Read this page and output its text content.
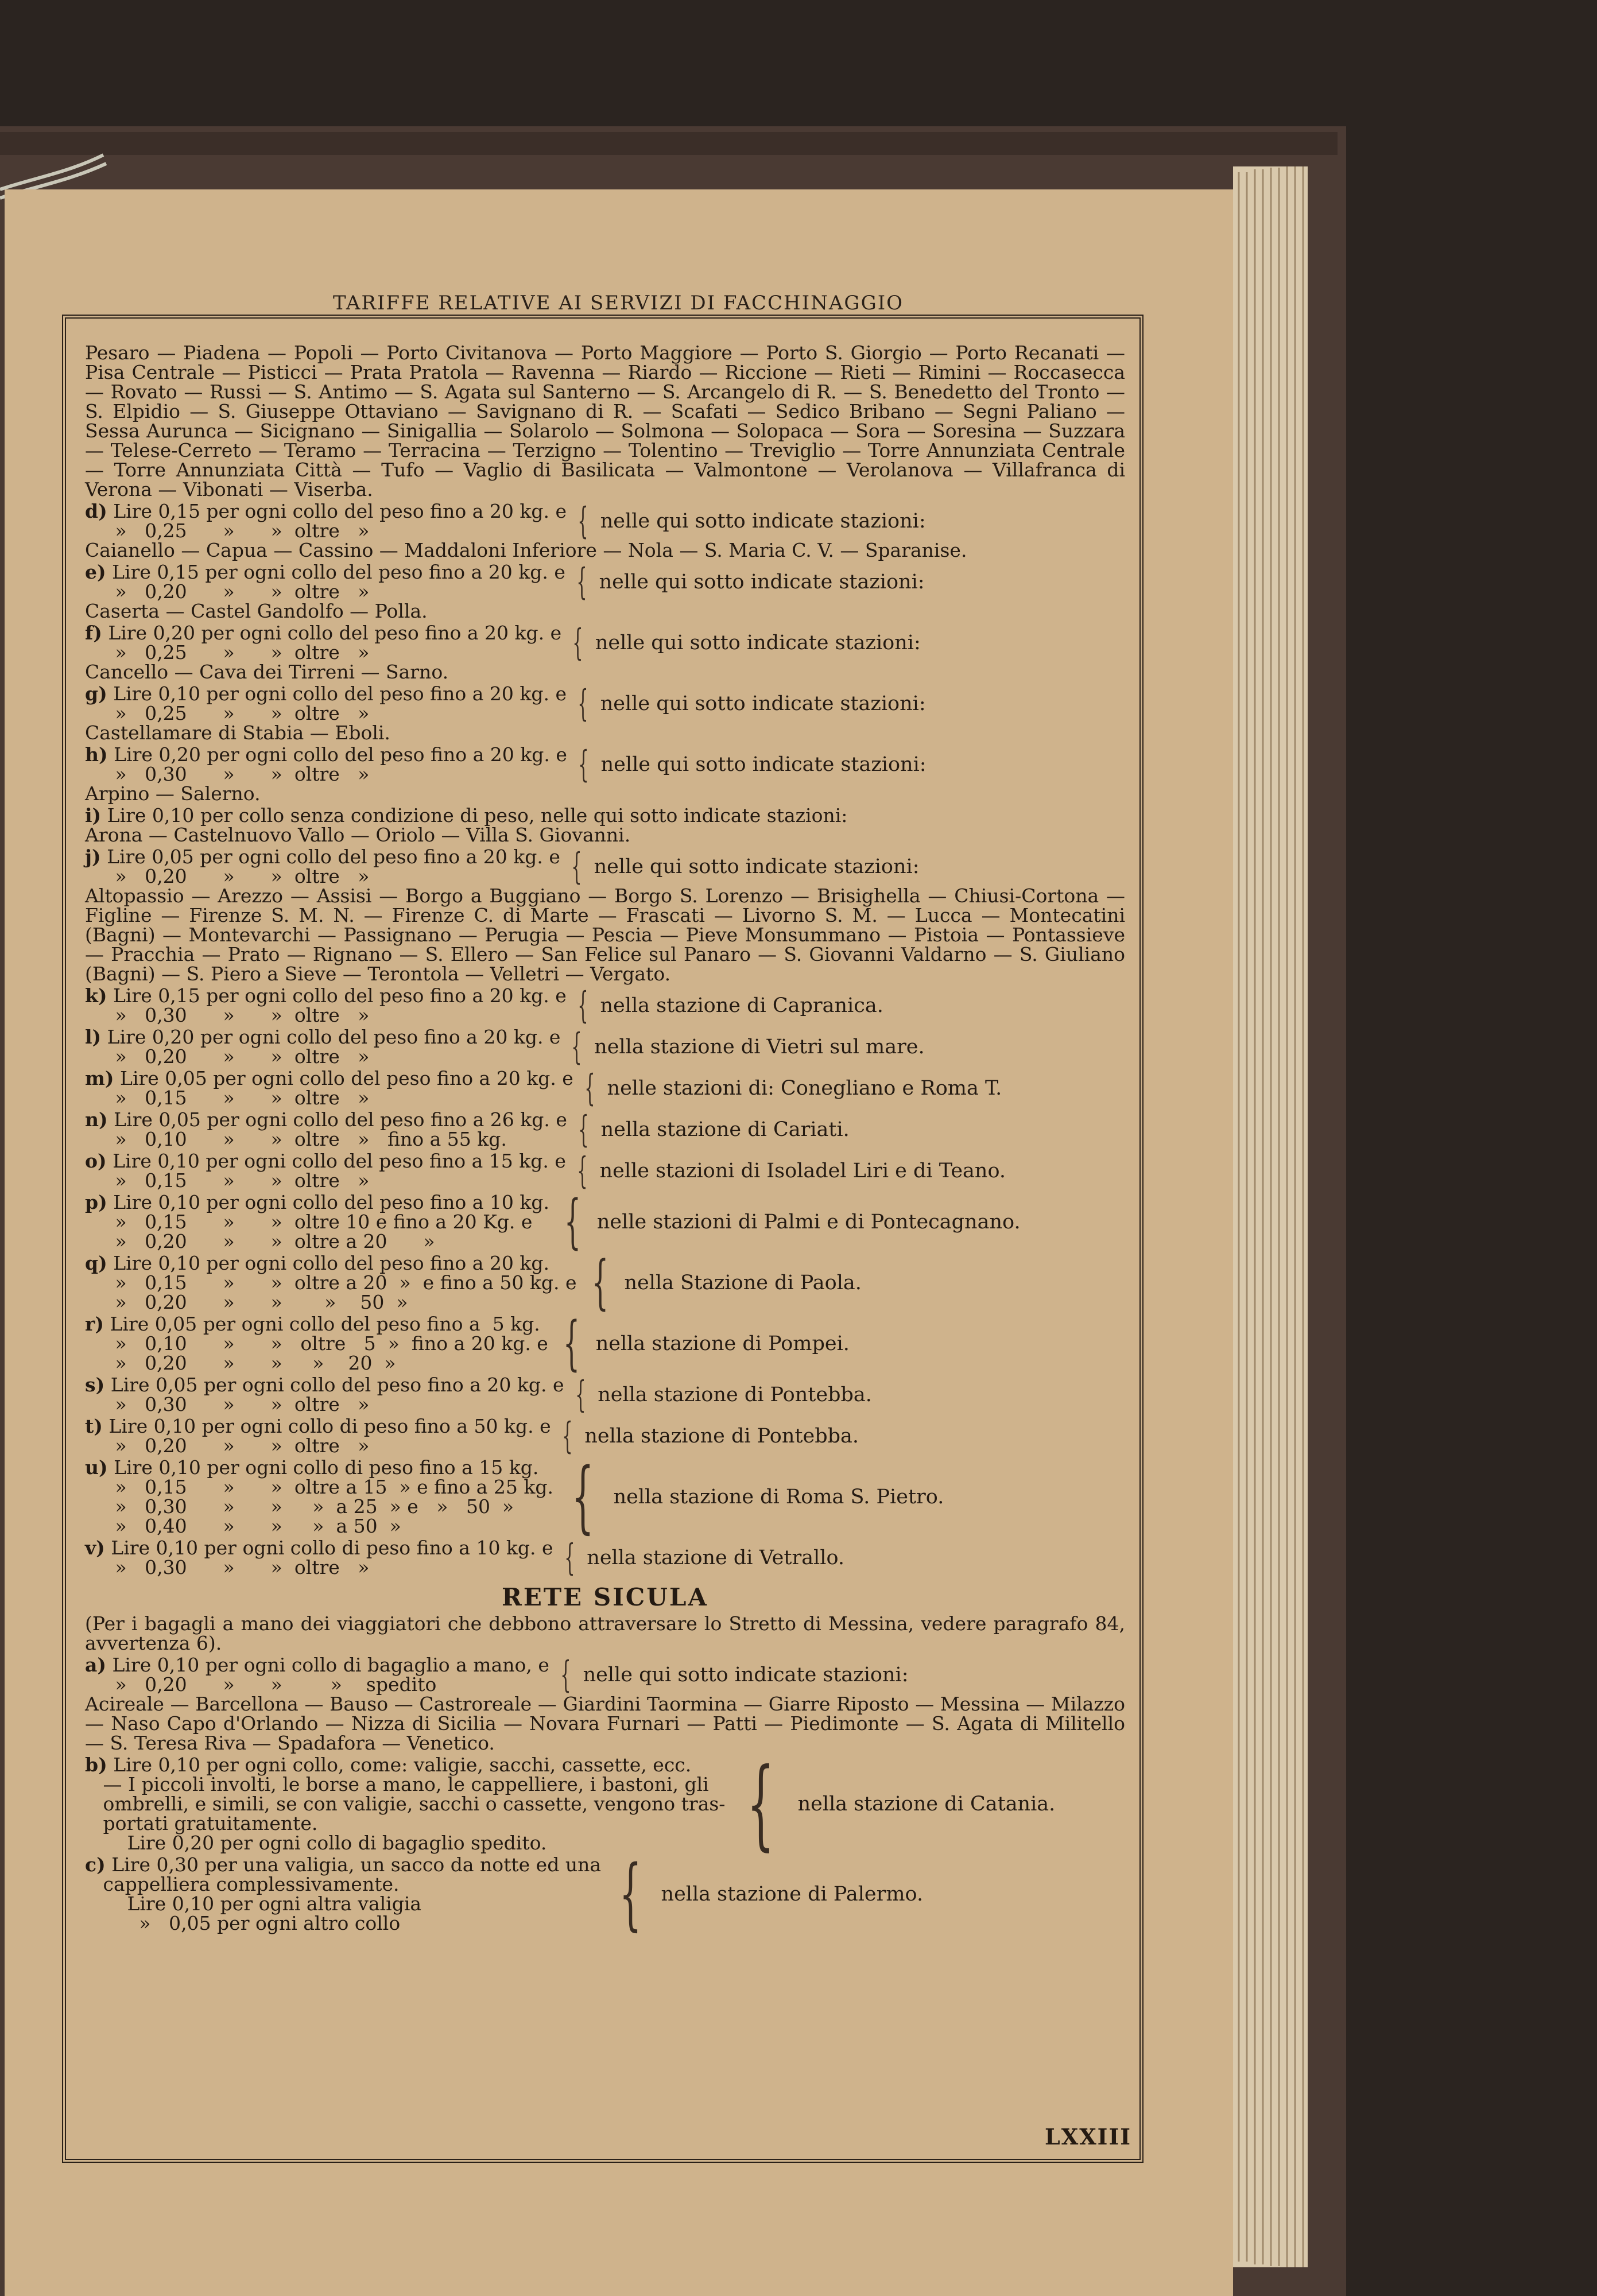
TARIFFE RELATIVE AI SERVIZI DI FACCHINAGGIO

Pesaro — Piadena — Popoli — Porto Civitanova — Porto Maggiore — Porto S. Giorgio — Porto Recanati — Pisa Centrale — Pisticci — Prata Pratola — Ravenna — Riardo — Riccione — Rieti — Rimini — Roccasecca — Rovato — Russi — S. Antimo — S. Agata sul Santerno — S. Arcangelo di R. — S. Benedetto del Tronto — S. Elpidio — S. Giuseppe Ottaviano — Savignano di R. — Scafati — Sedico Bribano — Segni Paliano — Sessa Aurunca — Sicignano — Sinigallia — Solarolo — Solmona — Solopaca — Sora — Soresina — Suzzara — Telese-Cerreto — Teramo — Terracina — Terzigno — Tolentino — Treviglio — Torre Annunziata Centrale — Torre Annunziata Città — Tufo — Vaglio di Basilicata — Valmontone — Verolanova — Villafranca di Verona — Vibonati — Viserba.

d) Lire 0,15 per ogni collo del peso fino a 20 kg. e
»   0,25      »      »  oltre   »	{ nelle qui sotto indicate stazioni:

Caianello — Capua — Cassino — Maddaloni Inferiore — Nola — S. Maria C. V. — Sparanise.

e) Lire 0,15 per ogni collo del peso fino a 20 kg. e
»   0,20      »      »  oltre   »	{ nelle qui sotto indicate stazioni:

Caserta — Castel Gandolfo — Polla.

f) Lire 0,20 per ogni collo del peso fino a 20 kg. e
»   0,25      »      »  oltre   »	{ nelle qui sotto indicate stazioni:

Cancello — Cava dei Tirreni — Sarno.

g) Lire 0,10 per ogni collo del peso fino a 20 kg. e
»   0,25      »      »  oltre   »	{ nelle qui sotto indicate stazioni:

Castellamare di Stabia — Eboli.

h) Lire 0,20 per ogni collo del peso fino a 20 kg. e
»   0,30      »      »  oltre   »	{ nelle qui sotto indicate stazioni:

Arpino — Salerno.

i) Lire 0,10 per collo senza condizione di peso, nelle qui sotto indicate stazioni:

Arona — Castelnuovo Vallo — Oriolo — Villa S. Giovanni.

j) Lire 0,05 per ogni collo del peso fino a 20 kg. e
»   0,20      »      »  oltre   »	{ nelle qui sotto indicate stazioni:

Altopassio — Arezzo — Assisi — Borgo a Buggiano — Borgo S. Lorenzo — Brisighella — Chiusi-Cortona — Figline — Firenze S. M. N. — Firenze C. di Marte — Frascati — Livorno S. M. — Lucca — Montecatini (Bagni) — Montevarchi — Passignano — Perugia — Pescia — Pieve Monsummano — Pistoia — Pontassieve — Pracchia — Prato — Rignano — S. Ellero — San Felice sul Panaro — S. Giovanni Valdarno — S. Giuliano (Bagni) — S. Piero a Sieve — Terontola — Velletri — Vergato.

k) Lire 0,15 per ogni collo del peso fino a 20 kg. e
»   0,30      »      »  oltre   »	{ nella stazione di Capranica.
l) Lire 0,20 per ogni collo del peso fino a 20 kg. e
»   0,20      »      »  oltre   »	{ nella stazione di Vietri sul mare.
m) Lire 0,05 per ogni collo del peso fino a 20 kg. e
»   0,15      »      »  oltre   »	{ nelle stazioni di: Conegliano e Roma T.
n) Lire 0,05 per ogni collo del peso fino a 26 kg. e
»   0,10      »      »  oltre   »   fino a 55 kg.	{ nella stazione di Cariati.
o) Lire 0,10 per ogni collo del peso fino a 15 kg. e
»   0,15      »      »  oltre   »	{ nelle stazioni di Isoladel Liri e di Teano.
p) Lire 0,10 per ogni collo del peso fino a 10 kg.
»   0,15      »      »  oltre 10 e fino a 20 Kg. e
»   0,20      »      »  oltre a 20      »	{ nelle stazioni di Palmi e di Pontecagnano.
q) Lire 0,10 per ogni collo del peso fino a 20 kg.
»   0,15      »      »  oltre a 20  »  e fino a 50 kg. e
»   0,20      »      »       »    50  »	{ nella Stazione di Paola.
r) Lire 0,05 per ogni collo del peso fino a  5 kg.
»   0,10      »      »   oltre   5  »  fino a 20 kg. e
»   0,20      »      »     »    20  »	{ nella stazione di Pompei.
s) Lire 0,05 per ogni collo del peso fino a 20 kg. e
»   0,30      »      »  oltre   »	{ nella stazione di Pontebba.
t) Lire 0,10 per ogni collo di peso fino a 50 kg. e
»   0,20      »      »  oltre   »	{ nella stazione di Pontebba.
u) Lire 0,10 per ogni collo di peso fino a 15 kg.
»   0,15      »      »  oltre a 15  » e fino a 25 kg.
»   0,30      »      »     »  a 25  » e   »   50  »
»   0,40      »      »     »  a 50  »	{ nella stazione di Roma S. Pietro.
v) Lire 0,10 per ogni collo di peso fino a 10 kg. e
»   0,30      »      »  oltre   »	{ nella stazione di Vetrallo.
RETE SICULA

(Per i bagagli a mano dei viaggiatori che debbono attraversare lo Stretto di Messina, vedere paragrafo 84, avvertenza 6).

a) Lire 0,10 per ogni collo di bagaglio a mano, e
»   0,20      »      »        »    spedito	{ nelle qui sotto indicate stazioni:

Acireale — Barcellona — Bauso — Castroreale — Giardini Taormina — Giarre Riposto — Messina — Milazzo — Naso Capo d'Orlando — Nizza di Sicilia — Novara Furnari — Patti — Piedimonte — S. Agata di Militello — S. Teresa Riva — Spadafora — Venetico.

b) Lire 0,10 per ogni collo, come: valigie, sacchi, cassette, ecc.
— I piccoli involti, le borse a mano, le cappelliere, i bastoni, gli
ombrelli, e simili, se con valigie, sacchi o cassette, vengono tras-
portati gratuitamente.
Lire 0,20 per ogni collo di bagaglio spedito.	{ nella stazione di Catania.
c) Lire 0,30 per una valigia, un sacco da notte ed una
cappelliera complessivamente.
Lire 0,10 per ogni altra valigia
»   0,05 per ogni altro collo	{ nella stazione di Palermo.
LXXIII
